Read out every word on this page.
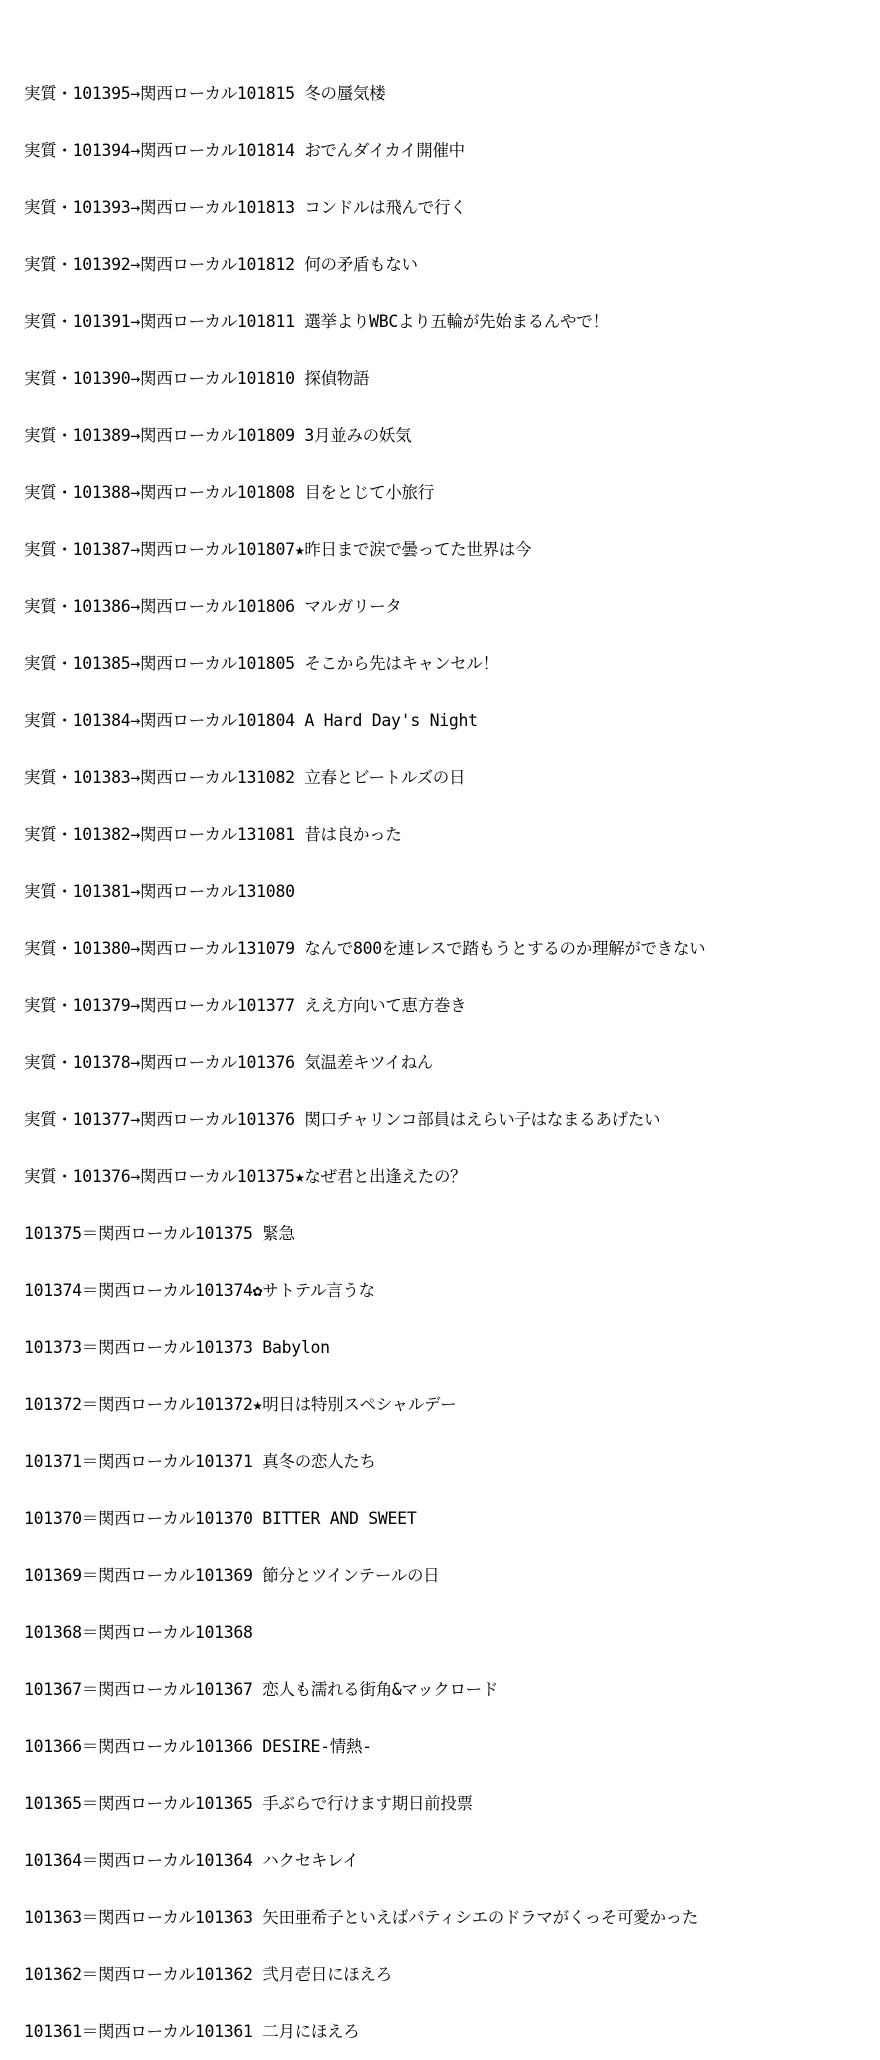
実質・101395→関西ローカル101815 冬の蜃気楼

実質・101394→関西ローカル101814 おでんダイカイ開催中

実質・101393→関西ローカル101813 コンドルは飛んで行く

実質・101392→関西ローカル101812 何の矛盾もない

実質・101391→関西ローカル101811 選挙よりWBCより五輪が先始まるんやで！

実質・101390→関西ローカル101810 探偵物語

実質・101389→関西ローカル101809 3月並みの妖気

実質・101388→関西ローカル101808 目をとじて小旅行

実質・101387→関西ローカル101807★昨日まで涙で曇ってた世界は今

実質・101386→関西ローカル101806 マルガリータ

実質・101385→関西ローカル101805 そこから先はキャンセル！

実質・101384→関西ローカル101804 A Hard Day's Night

実質・101383→関西ローカル131082 立春とビートルズの日

実質・101382→関西ローカル131081 昔は良かった

実質・101381→関西ローカル131080

実質・101380→関西ローカル131079 なんで800を連レスで踏もうとするのか理解ができない

実質・101379→関西ローカル101377 ええ方向いて恵方巻き

実質・101378→関西ローカル101376 気温差キツイねん

実質・101377→関西ローカル101376 関口チャリンコ部員はえらい子はなまるあげたい

実質・101376→関西ローカル101375★なぜ君と出逢えたの？

101375＝関西ローカル101375 緊急

101374＝関西ローカル101374✿サトテル言うな

101373＝関西ローカル101373 Babylon

101372＝関西ローカル101372★明日は特別スペシャルデー

101371＝関西ローカル101371 真冬の恋人たち

101370＝関西ローカル101370 BITTER AND SWEET

101369＝関西ローカル101369 節分とツインテールの日

101368＝関西ローカル101368

101367＝関西ローカル101367 恋人も濡れる街角&マックロード

101366＝関西ローカル101366 DESIRE-情熱-

101365＝関西ローカル101365 手ぶらで行けます期日前投票

101364＝関西ローカル101364 ハクセキレイ

101363＝関西ローカル101363 矢田亜希子といえばパティシエのドラマがくっそ可愛かった

101362＝関西ローカル101362 弐月壱日にほえろ

101361＝関西ローカル101361 二月にほえろ
